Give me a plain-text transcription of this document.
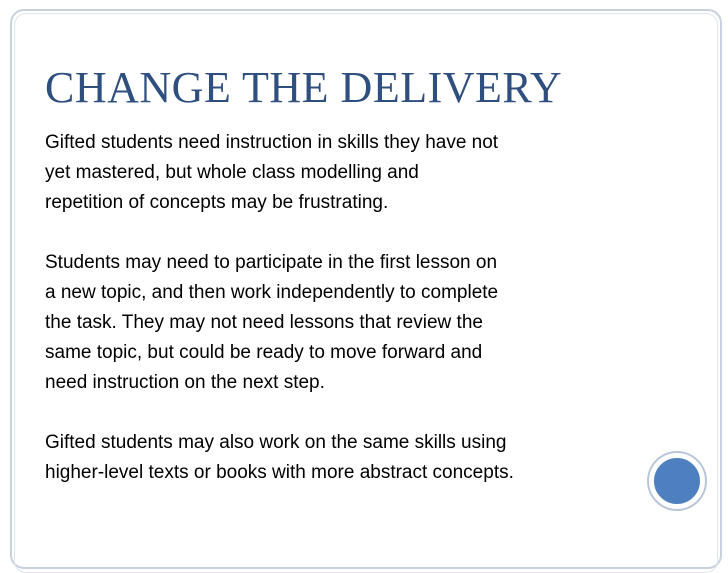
CHANGE THE DELIVERY
Gifted students need instruction in skills they have not
yet mastered, but whole class modelling and
repetition of concepts may be frustrating.
Students may need to participate in the first lesson on
a new topic, and then work independently to complete
the task. They may not need lessons that review the
same topic, but could be ready to move forward and
need instruction on the next step.
Gifted students may also work on the same skills using
higher-level texts or books with more abstract concepts.
